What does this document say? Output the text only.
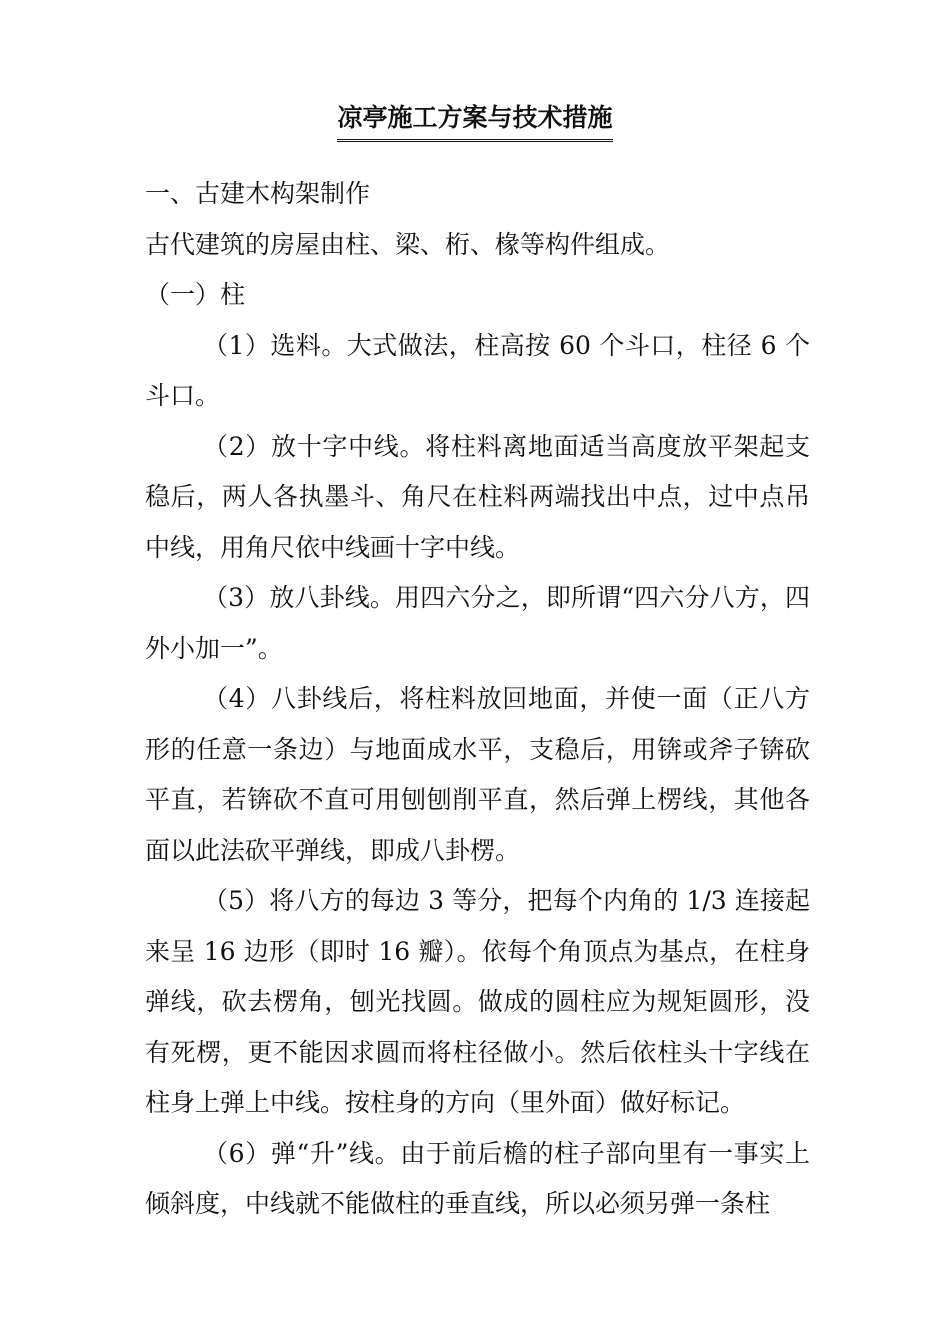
凉亭施工方案与技术措施

一、古建木构架制作

古代建筑的房屋由柱、梁、桁、椽等构件组成。

（一）柱

（1）选料。大式做法，柱高按 60 个斗口，柱径 6 个斗口。

（2）放十字中线。将柱料离地面适当高度放平架起支稳后，两人各执墨斗、角尺在柱料两端找出中点，过中点吊中线，用角尺依中线画十字中线。

（3）放八卦线。用四六分之，即所谓“四六分八方，四外小加一”。

（4）八卦线后，将柱料放回地面，并使一面（正八方形的任意一条边）与地面成水平，支稳后，用锛或斧子锛砍平直，若锛砍不直可用刨刨削平直，然后弹上楞线，其他各面以此法砍平弹线，即成八卦楞。

（5）将八方的每边 3 等分，把每个内角的 1/3 连接起来呈 16 边形（即时 16 瓣）。依每个角顶点为基点，在柱身弹线，砍去楞角，刨光找圆。做成的圆柱应为规矩圆形，没有死楞，更不能因求圆而将柱径做小。然后依柱头十字线在柱身上弹上中线。按柱身的方向（里外面）做好标记。

（6）弹“升”线。由于前后檐的柱子部向里有一事实上倾斜度，中线就不能做柱的垂直线，所以必须另弹一条柱
